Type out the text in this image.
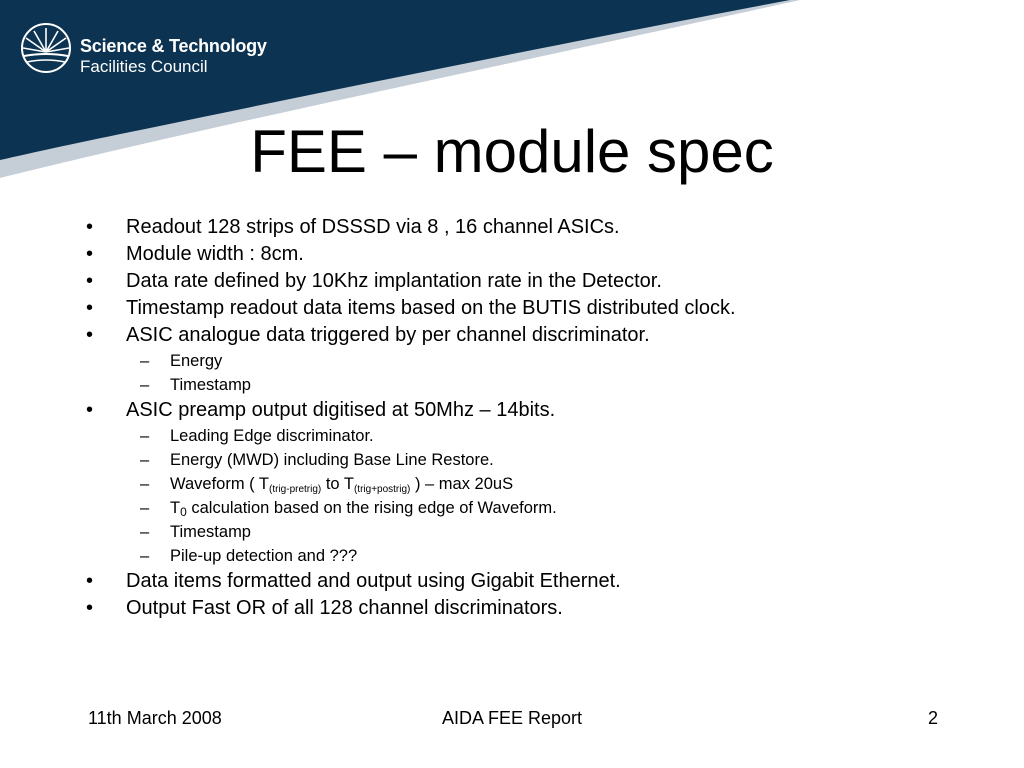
Science & Technology
Facilities Council
FEE – module spec
• Readout 128 strips of DSSSD via 8 , 16 channel ASICs.
• Module width : 8cm.
• Data rate defined by 10Khz implantation rate in the Detector.
• Timestamp readout data items based on the BUTIS distributed clock.
• ASIC analogue data triggered by per channel discriminator.
– Energy
– Timestamp
• ASIC preamp output digitised at 50Mhz – 14bits.
– Leading Edge discriminator.
– Energy (MWD) including Base Line Restore.
– Waveform ( $T_{(trig-pretrig)}$ to $T_{(trig+postrig)}$ ) – max 20uS
– $T_0$ calculation based on the rising edge of Waveform.
– Timestamp
– Pile-up detection and ???
• Data items formatted and output using Gigabit Ethernet.
• Output Fast OR of all 128 channel discriminators.
11th March 2008	AIDA FEE Report	2
